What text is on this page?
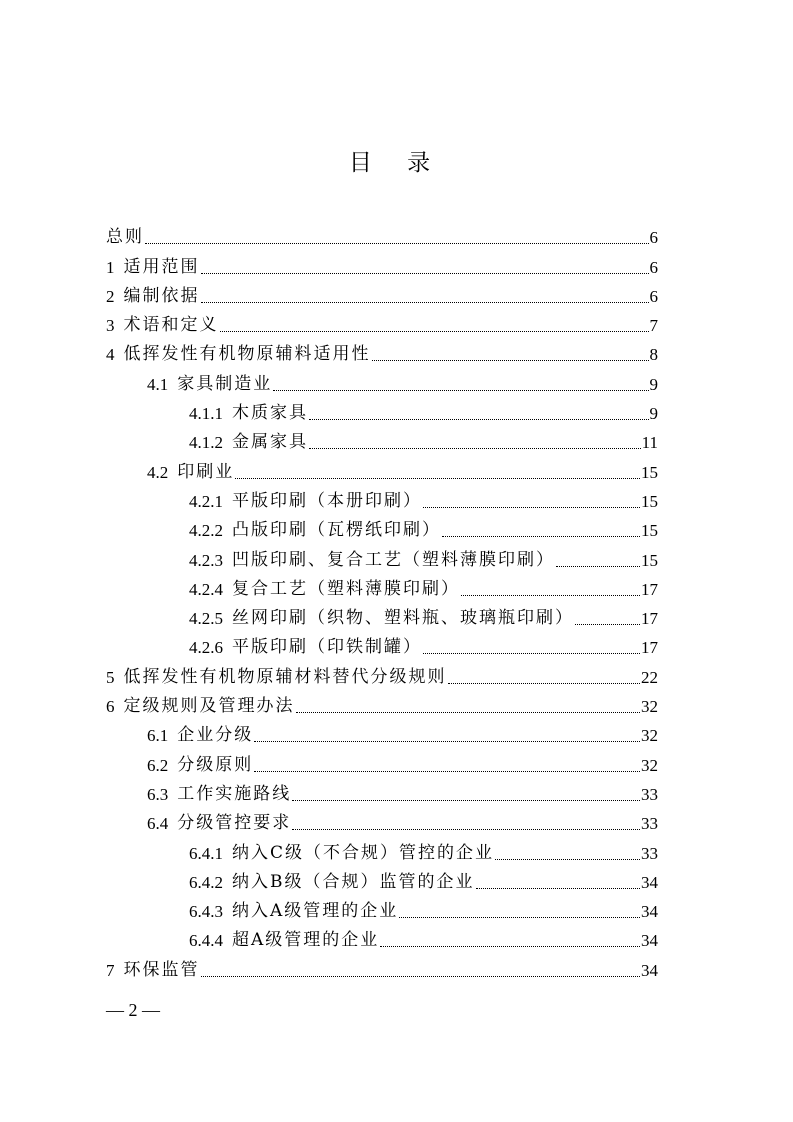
目 录
总则	6
1 适用范围	6
2 编制依据	6
3 术语和定义	7
4 低挥发性有机物原辅料适用性	8
4.1 家具制造业	9
4.1.1 木质家具	9
4.1.2 金属家具	11
4.2 印刷业	15
4.2.1 平版印刷（本册印刷）	15
4.2.2 凸版印刷（瓦楞纸印刷）	15
4.2.3 凹版印刷、复合工艺（塑料薄膜印刷）	15
4.2.4 复合工艺（塑料薄膜印刷）	17
4.2.5 丝网印刷（织物、塑料瓶、玻璃瓶印刷）	17
4.2.6 平版印刷（印铁制罐）	17
5 低挥发性有机物原辅材料替代分级规则	22
6 定级规则及管理办法	32
6.1 企业分级	32
6.2 分级原则	32
6.3 工作实施路线	33
6.4 分级管控要求	33
6.4.1 纳入C级（不合规）管控的企业	33
6.4.2 纳入B级（合规）监管的企业	34
6.4.3 纳入A级管理的企业	34
6.4.4 超A级管理的企业	34
7 环保监管	34
— 2 —
